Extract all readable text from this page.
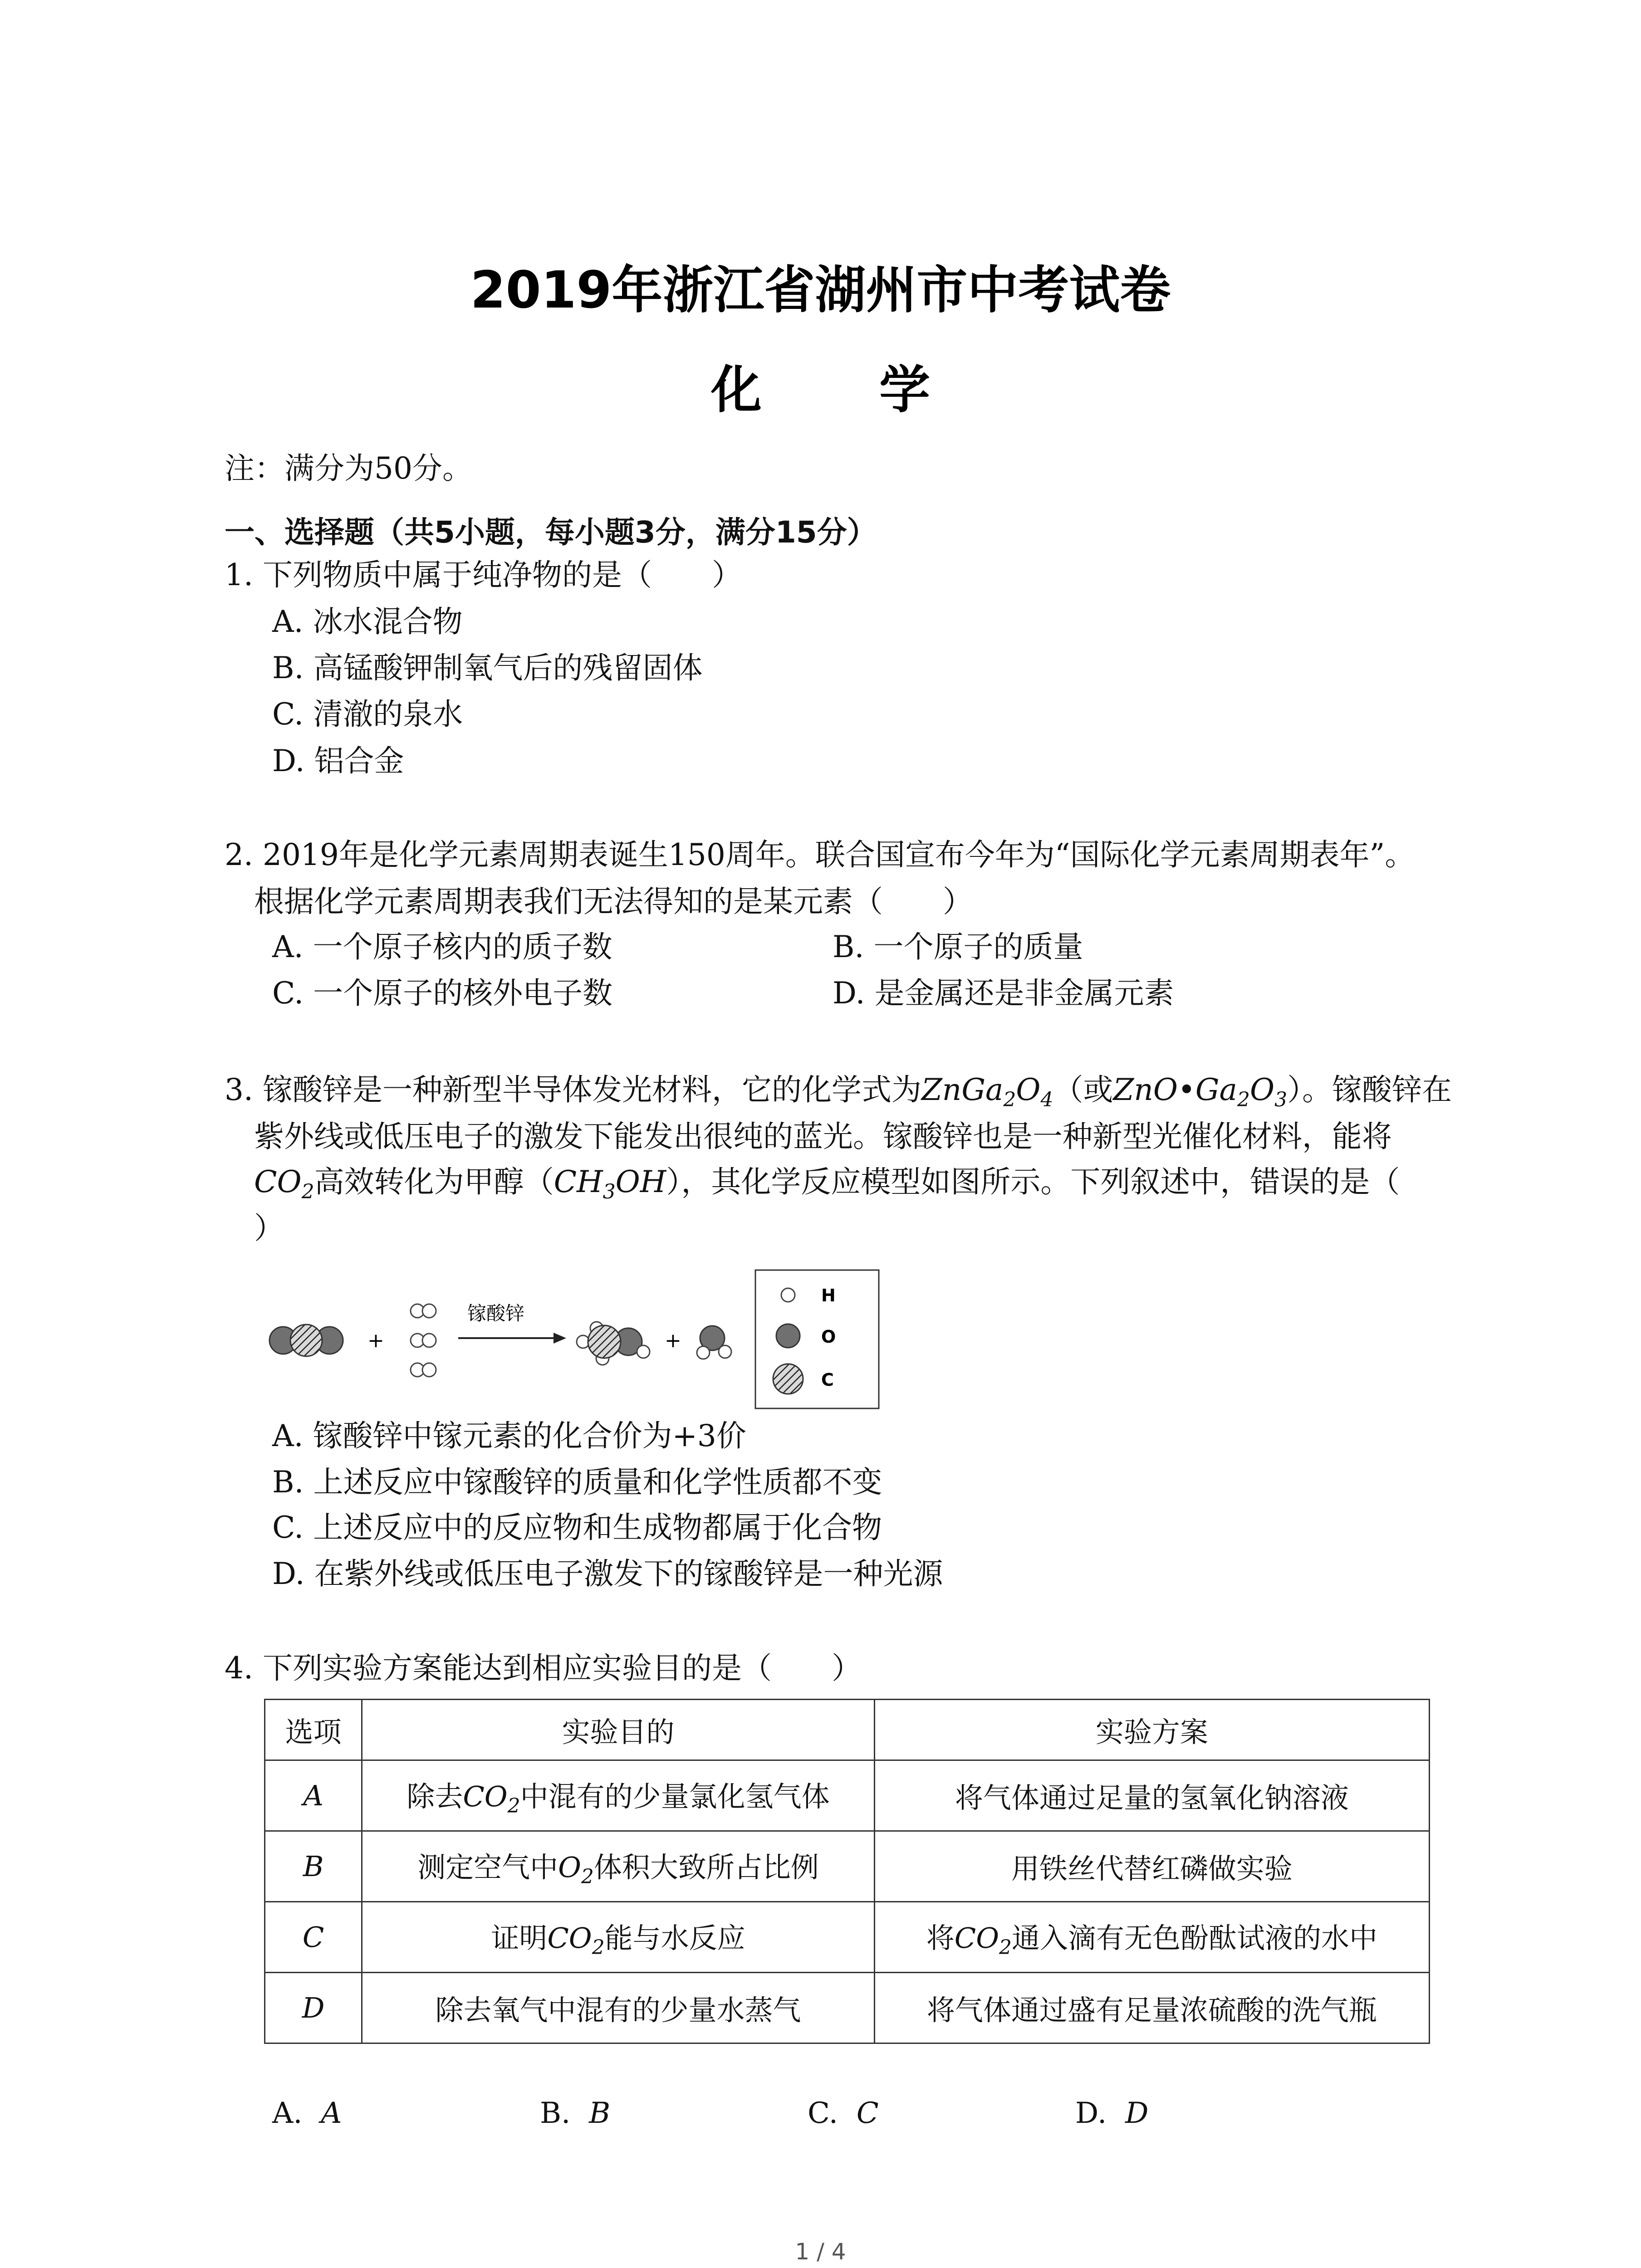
2019年浙江省湖州市中考试卷
化 学
注：满分为50分。
一、选择题（共5小题，每小题3分，满分15分）
1. 下列物质中属于纯净物的是（　　）
A. 冰水混合物
B. 高锰酸钾制氧气后的残留固体
C. 清澈的泉水
D. 铝合金
2. 2019年是化学元素周期表诞生150周年。联合国宣布今年为“国际化学元素周期表年”。
根据化学元素周期表我们无法得知的是某元素（　　）
A. 一个原子核内的质子数	B. 一个原子的质量
C. 一个原子的核外电子数	D. 是金属还是非金属元素
3. 镓酸锌是一种新型半导体发光材料，它的化学式为$ZnGa_2O_4$（或$ZnO•Ga_2O_3$）。镓酸锌在
紫外线或低压电子的激发下能发出很纯的蓝光。镓酸锌也是一种新型光催化材料，能将
$CO_2$高效转化为甲醇$(CH_3OH)$，其化学反应模型如图所示。下列叙述中，错误的是（
）
+
镓酸锌
+
H
O
C
A. 镓酸锌中镓元素的化合价为+3价
B. 上述反应中镓酸锌的质量和化学性质都不变
C. 上述反应中的反应物和生成物都属于化合物
D. 在紫外线或低压电子激发下的镓酸锌是一种光源
4. 下列实验方案能达到相应实验目的是（　　）
选项	实验目的	实验方案
A	除去$CO_2$中混有的少量氯化氢气体	将气体通过足量的氢氧化钠溶液
B	测定空气中$O_2$体积大致所占比例	用铁丝代替红磷做实验
C	证明$CO_2$能与水反应	将$CO_2$通入滴有无色酚酞试液的水中
D	除去氧气中混有的少量水蒸气	将气体通过盛有足量浓硫酸的洗气瓶
A. A	B. B	C. C	D. D
1 / 4
